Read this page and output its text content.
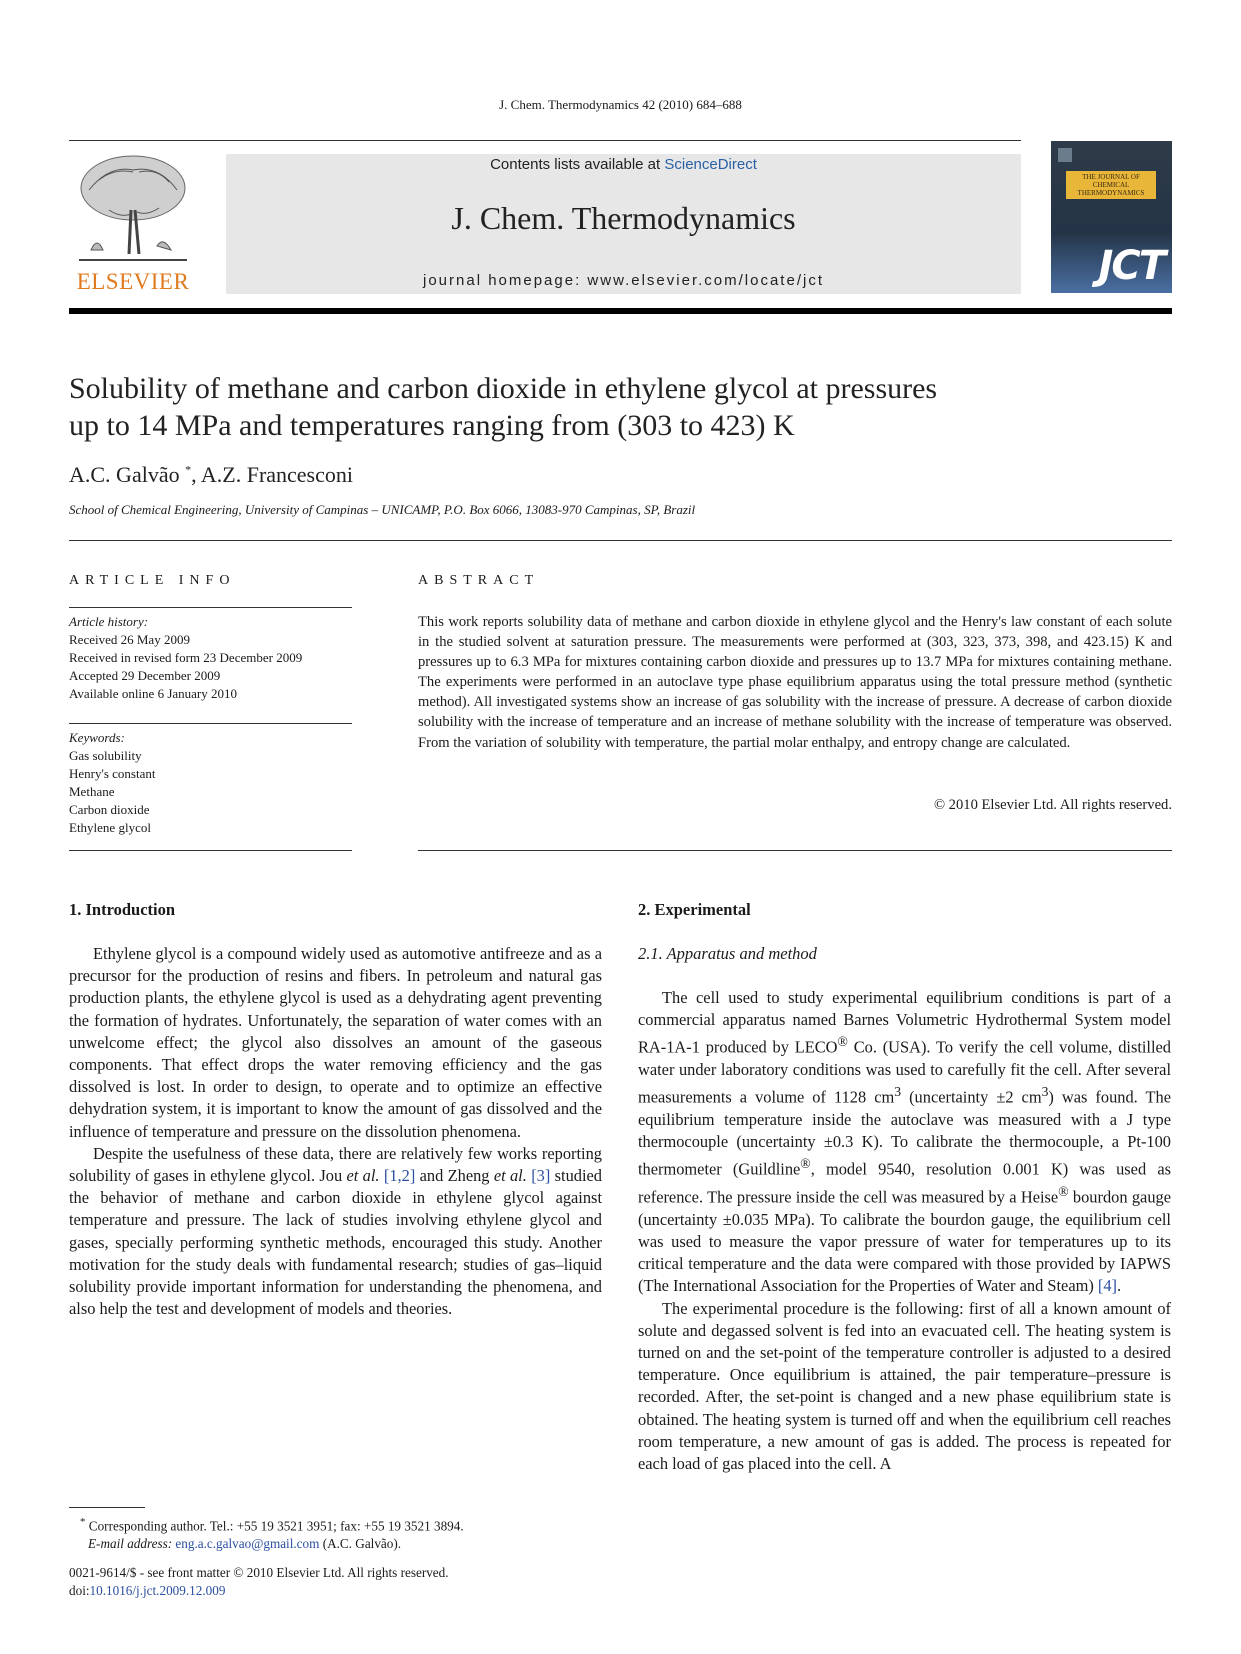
J. Chem. Thermodynamics 42 (2010) 684–688
ELSEVIER
Contents lists available at ScienceDirect
J. Chem. Thermodynamics
journal homepage: www.elsevier.com/locate/jct
THE JOURNAL OF CHEMICAL THERMODYNAMICS
JCT
Solubility of methane and carbon dioxide in ethylene glycol at pressures
up to 14 MPa and temperatures ranging from (303 to 423) K
A.C. Galvão *, A.Z. Francesconi
School of Chemical Engineering, University of Campinas – UNICAMP, P.O. Box 6066, 13083-970 Campinas, SP, Brazil
ARTICLE INFO	ABSTRACT
Article history:
Received 26 May 2009
Received in revised form 23 December 2009
Accepted 29 December 2009
Available online 6 January 2010
Keywords:
Gas solubility
Henry's constant
Methane
Carbon dioxide
Ethylene glycol

This work reports solubility data of methane and carbon dioxide in ethylene glycol and the Henry's law constant of each solute in the studied solvent at saturation pressure. The measurements were performed at (303, 323, 373, 398, and 423.15) K and pressures up to 6.3 MPa for mixtures containing carbon dioxide and pressures up to 13.7 MPa for mixtures containing methane. The experiments were performed in an autoclave type phase equilibrium apparatus using the total pressure method (synthetic method). All investigated systems show an increase of gas solubility with the increase of pressure. A decrease of carbon dioxide solubility with the increase of temperature and an increase of methane solubility with the increase of temperature was observed. From the variation of solubility with temperature, the partial molar enthalpy, and entropy change are calculated.

© 2010 Elsevier Ltd. All rights reserved.
1. Introduction	2. Experimental
2.1. Apparatus and method

Ethylene glycol is a compound widely used as automotive antifreeze and as a precursor for the production of resins and fibers. In petroleum and natural gas production plants, the ethylene glycol is used as a dehydrating agent preventing the formation of hydrates. Unfortunately, the separation of water comes with an unwelcome effect; the glycol also dissolves an amount of the gaseous components. That effect drops the water removing efficiency and the gas dissolved is lost. In order to design, to operate and to optimize an effective dehydration system, it is important to know the amount of gas dissolved and the influence of temperature and pressure on the dissolution phenomena.

Despite the usefulness of these data, there are relatively few works reporting solubility of gases in ethylene glycol. Jou et al. [1,2] and Zheng et al. [3] studied the behavior of methane and carbon dioxide in ethylene glycol against temperature and pressure. The lack of studies involving ethylene glycol and gases, specially performing synthetic methods, encouraged this study. Another motivation for the study deals with fundamental research; studies of gas–liquid solubility provide important information for understanding the phenomena, and also help the test and development of models and theories.

The cell used to study experimental equilibrium conditions is part of a commercial apparatus named Barnes Volumetric Hydrothermal System model RA-1A-1 produced by LECO® Co. (USA). To verify the cell volume, distilled water under laboratory conditions was used to carefully fit the cell. After several measurements a volume of 1128 $cm^3$ (uncertainty ±2 $cm^3$) was found. The equilibrium temperature inside the autoclave was measured with a J type thermocouple (uncertainty ±0.3 K). To calibrate the thermocouple, a Pt-100 thermometer (Guildline®, model 9540, resolution 0.001 K) was used as reference. The pressure inside the cell was measured by a Heise® bourdon gauge (uncertainty ±0.035 MPa). To calibrate the bourdon gauge, the equilibrium cell was used to measure the vapor pressure of water for temperatures up to its critical temperature and the data were compared with those provided by IAPWS (The International Association for the Properties of Water and Steam) [4].

The experimental procedure is the following: first of all a known amount of solute and degassed solvent is fed into an evacuated cell. The heating system is turned on and the set-point of the temperature controller is adjusted to a desired temperature. Once equilibrium is attained, the pair temperature–pressure is recorded. After, the set-point is changed and a new phase equilibrium state is obtained. The heating system is turned off and when the equilibrium cell reaches room temperature, a new amount of gas is added. The process is repeated for each load of gas placed into the cell. A

* Corresponding author. Tel.: +55 19 3521 3951; fax: +55 19 3521 3894.
E-mail address: eng.a.c.galvao@gmail.com (A.C. Galvão).
0021-9614/$ - see front matter © 2010 Elsevier Ltd. All rights reserved.
doi:10.1016/j.jct.2009.12.009
